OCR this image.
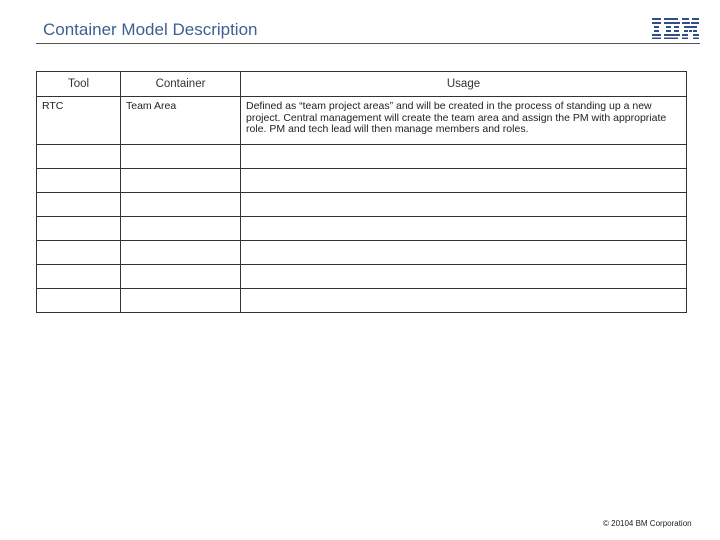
Container Model Description
Tool	Container	Usage
RTC	Team Area	Defined as “team project areas” and will be created in the process of standing up a new project. Central management will create the team area and assign the PM with appropriate role. PM and tech lead will then manage members and roles.

© 20104 BM Corporation
